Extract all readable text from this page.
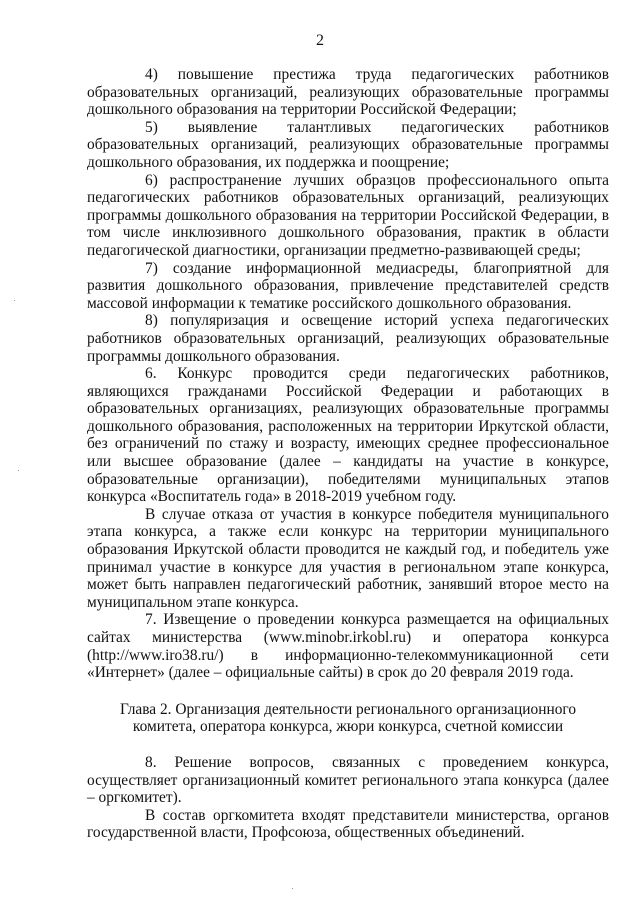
2

4) повышение престижа труда педагогических работников образовательных организаций, реализующих образовательные программы дошкольного образования на территории Российской Федерации;

5) выявление талантливых педагогических работников образовательных организаций, реализующих образовательные программы дошкольного образования, их поддержка и поощрение;

6) распространение лучших образцов профессионального опыта педагогических работников образовательных организаций, реализующих программы дошкольного образования на территории Российской Федерации, в том числе инклюзивного дошкольного образования, практик в области педагогической диагностики, организации предметно-развивающей среды;

7) создание информационной медиасреды, благоприятной для развития дошкольного образования, привлечение представителей средств массовой информации к тематике российского дошкольного образования.

8) популяризация и освещение историй успеха педагогических работников образовательных организаций, реализующих образовательные программы дошкольного образования.

6. Конкурс проводится среди педагогических работников, являющихся гражданами Российской Федерации и работающих в образовательных организациях, реализующих образовательные программы дошкольного образования, расположенных на территории Иркутской области, без ограничений по стажу и возрасту, имеющих среднее профессиональное или высшее образование (далее – кандидаты на участие в конкурсе, образовательные организации), победителями муниципальных этапов конкурса «Воспитатель года» в 2018-2019 учебном году.

В случае отказа от участия в конкурсе победителя муниципального этапа конкурса, а также если конкурс на территории муниципального образования Иркутской области проводится не каждый год, и победитель уже принимал участие в конкурсе для участия в региональном этапе конкурса, может быть направлен педагогический работник, занявший второе место на муниципальном этапе конкурса.

7. Извещение о проведении конкурса размещается на официальных сайтах министерства (www.minobr.irkobl.ru) и оператора конкурса (http://www.iro38.ru/) в информационно-телекоммуникационной сети «Интернет» (далее – официальные сайты) в срок до 20 февраля 2019 года.

Глава 2. Организация деятельности регионального организационного
комитета, оператора конкурса, жюри конкурса, счетной комиссии

8. Решение вопросов, связанных с проведением конкурса, осуществляет организационный комитет регионального этапа конкурса (далее – оргкомитет).

В состав оргкомитета входят представители министерства, органов государственной власти, Профсоюза, общественных объединений.
